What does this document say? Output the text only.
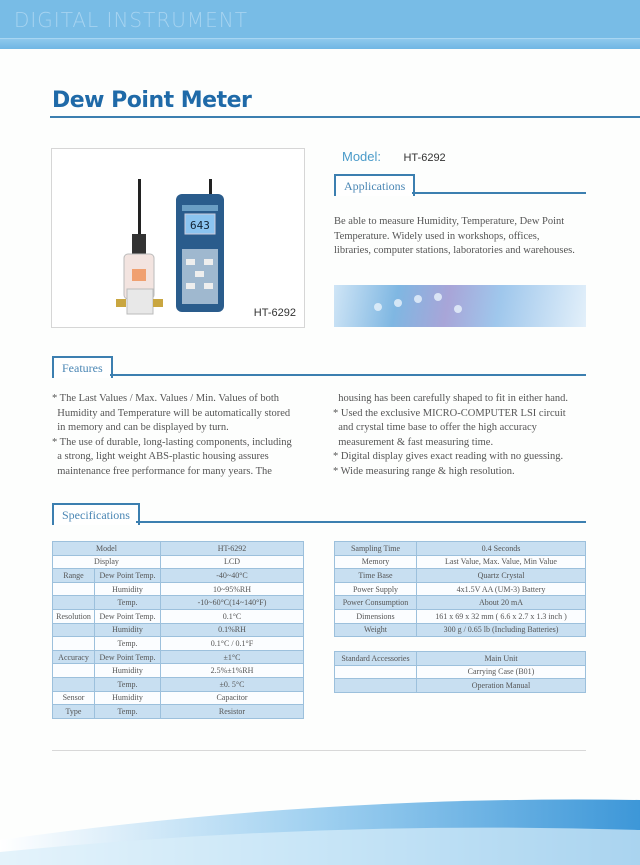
DIGITAL INSTRUMENT
Dew Point Meter
643
HT-6292
Model: HT-6292
Applications
Be able to measure Humidity, Temperature, Dew Point
Temperature. Widely used in workshops, offices,
libraries, computer stations, laboratories and warehouses.
Features
* The Last Values / Max. Values / Min. Values of both
Humidity and Temperature will be automatically stored
in memory and can be displayed by turn.
* The use of durable, long-lasting components, including
a strong, light weight ABS-plastic housing assures
maintenance free performance for many years. The
housing has been carefully shaped to fit in either hand.
* Used the exclusive MICRO-COMPUTER LSI circuit
and crystal time base to offer the high accuracy
measurement & fast measuring time.
* Digital display gives exact reading with no guessing.
* Wide measuring range & high resolution.
Specifications
Model		HT-6292
Display		LCD
Range	Dew Point Temp.	-40~40°C
	Humidity	10~95%RH
	Temp.	-10~60°C(14~140°F)
Resolution	Dew Point Temp.	0.1°C
	Humidity	0.1%RH
	Temp.	0.1°C / 0.1°F
Accuracy	Dew Point Temp.	±1°C
	Humidity	2.5%±1%RH
	Temp.	±0. 5°C
Sensor	Humidity	Capacitor
Type	Temp.	Resistor
Sampling Time	0.4 Seconds
Memory	Last Value, Max. Value, Min Value
Time Base	Quartz Crystal
Power Supply	4x1.5V AA (UM-3) Battery
Power Consumption	About 20 mA
Dimensions	161 x 69 x 32 mm ( 6.6 x 2.7 x 1.3 inch )
Weight	300 g / 0.65 lb (Including Batteries)
Standard Accessories	Main Unit
	Carrying Case (B01)
	Operation Manual
